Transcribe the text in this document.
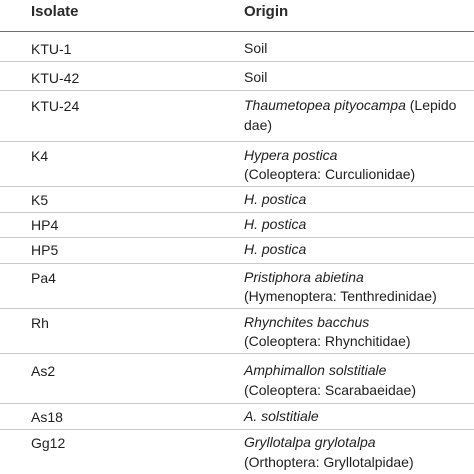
Isolate	Origin
KTU-1	Soil
KTU-42	Soil
KTU-24	Thaumetopea pityocampa (Lepido
dae)
K4	Hypera postica
(Coleoptera: Curculionidae)
K5	H. postica
HP4	H. postica
HP5	H. postica
Pa4	Pristiphora abietina
(Hymenoptera: Tenthredinidae)
Rh	Rhynchites bacchus
(Coleoptera: Rhynchitidae)
As2	Amphimallon solstitiale
(Coleoptera: Scarabaeidae)
As18	A. solstitiale
Gg12	Gryllotalpa grylotalpa
(Orthoptera: Gryllotalpidae)
